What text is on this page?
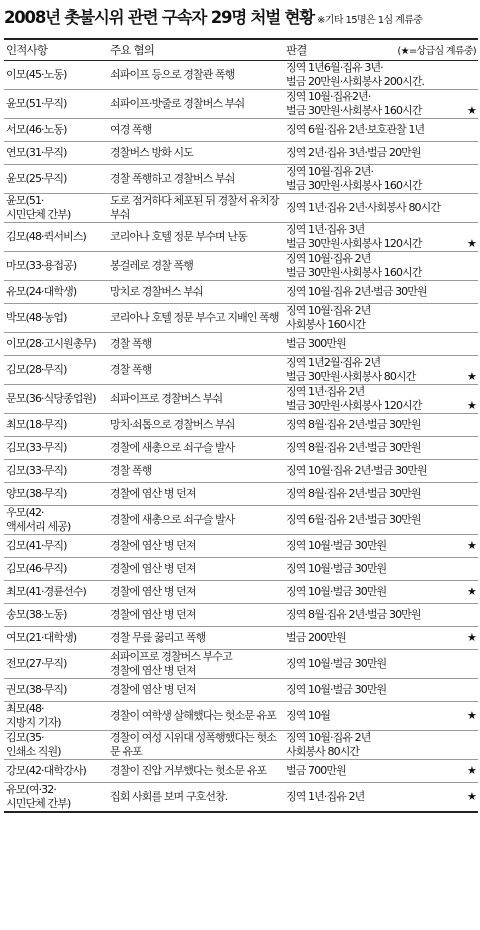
2008년 촛불시위 관련 구속자 29명 처벌 현황 ※기타 15명은 1심 계류중
인적사항	주요 혐의	판결 (★=상급심 계류중)

이모(45·노동)	쇠파이프 등으로 경찰관 폭행	징역 1년6월·집유 3년·
벌금 20만원·사회봉사 200시간.

윤모(51·무직)	쇠파이프·밧줄로 경찰버스 부숴	징역 10월·집유2년·
벌금 30만원·사회봉사 160시간 ★

서모(46·노동)	여경 폭행	징역 6월·집유 2년·보호관찰 1년

연모(31·무직)	경찰버스 방화 시도	징역 2년·집유 3년·벌금 20만원

윤모(25·무직)	경찰 폭행하고 경찰버스 부숴	징역 10월·집유 2년·
벌금 30만원·사회봉사 160시간

윤모(51·
시민단체 간부)	도로 점거하다 체포된 뒤 경찰서 유치장 부숴	징역 1년·집유 2년·사회봉사 80시간

김모(48·퀵서비스)	코리아나 호텔 정문 부수며 난동	징역 1년·집유 3년
벌금 30만원·사회봉사 120시간 ★

마모(33·용접공)	봉걸레로 경찰 폭행	징역 10월·집유 2년
벌금 30만원·사회봉사 160시간

유모(24·대학생)	망치로 경찰버스 부숴	징역 10월·집유 2년·벌금 30만원

박모(48·농업)	코리아나 호텔 정문 부수고 지배인 폭행	징역 10월·집유 2년
사회봉사 160시간

이모(28·고시원총무)	경찰 폭행	벌금 300만원

김모(28·무직)	경찰 폭행	징역 1년2월·집유 2년
벌금 30만원·사회봉사 80시간 ★

문모(36·식당종업원)	쇠파이프로 경찰버스 부숴	징역 1년·집유 2년
벌금 30만원·사회봉사 120시간 ★

최모(18·무직)	망치·쇠톱으로 경찰버스 부숴	징역 8월·집유 2년·벌금 30만원

김모(33·무직)	경찰에 새총으로 쇠구슬 발사	징역 8월·집유 2년·벌금 30만원

김모(33·무직)	경찰 폭행	징역 10월·집유 2년·벌금 30만원

양모(38·무직)	경찰에 염산 병 던져	징역 8월·집유 2년·벌금 30만원

우모(42·
액세서리 세공)	경찰에 새총으로 쇠구슬 발사	징역 6월·집유 2년·벌금 30만원

김모(41·무직)	경찰에 염산 병 던져	징역 10월·벌금 30만원 ★

김모(46·무직)	경찰에 염산 병 던져	징역 10월·벌금 30만원

최모(41·경륜선수)	경찰에 염산 병 던져	징역 10월·벌금 30만원 ★

송모(38·노동)	경찰에 염산 병 던져	징역 8월·집유 2년·벌금 30만원

여모(21·대학생)	경찰 무릎 꿇리고 폭행	벌금 200만원 ★

전모(27·무직)	쇠파이프로 경찰버스 부수고
경찰에 염산 병 던져	징역 10월·벌금 30만원

권모(38·무직)	경찰에 염산 병 던져	징역 10월·벌금 30만원

최모(48·
지방지 기자)	경찰이 여학생 살해했다는 헛소문 유포	징역 10월 ★

김모(35·
인쇄소 직원)	경찰이 여성 시위대 성폭행했다는 헛소문 유포	징역 10월·집유 2년
사회봉사 80시간

강모(42·대학강사)	경찰이 진압 거부했다는 헛소문 유포	벌금 700만원 ★

유모(여·32·
시민단체 간부)	집회 사회를 보며 구호선창.	징역 1년·집유 2년 ★
